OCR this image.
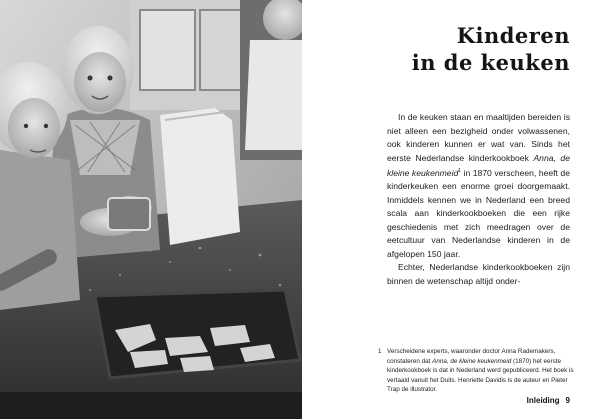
Kinderen
in de keuken

In de keuken staan en maaltijden bereiden is niet alleen een bezigheid onder volwassenen, ook kinderen kunnen er wat van. Sinds het eerste Nederlandse kinderkookboek Anna, de kleine keukenmeid$^1$ in 1870 verscheen, heeft de kinderkeuken een enorme groei doorgemaakt. Inmiddels kennen we in Nederland een breed scala aan kinderkookboeken die een rijke geschiedenis met zich meedragen over de eetcultuur van Nederlandse kinderen in de afgelopen 150 jaar.

Echter, Nederlandse kinderkookboeken zijn binnen de wetenschap altijd onder-

1 Verscheidene experts, waaronder doctor Anna Rademakers, constateren dat Anna, de kleine keukenmeid (1870) het eerste kinderkookboek is dat in Nederland werd gepubliceerd. Het boek is vertaald vanuit het Duits. Henriette Davidis is de auteur en Pieter Trap de illustrator.
Inleiding 9
